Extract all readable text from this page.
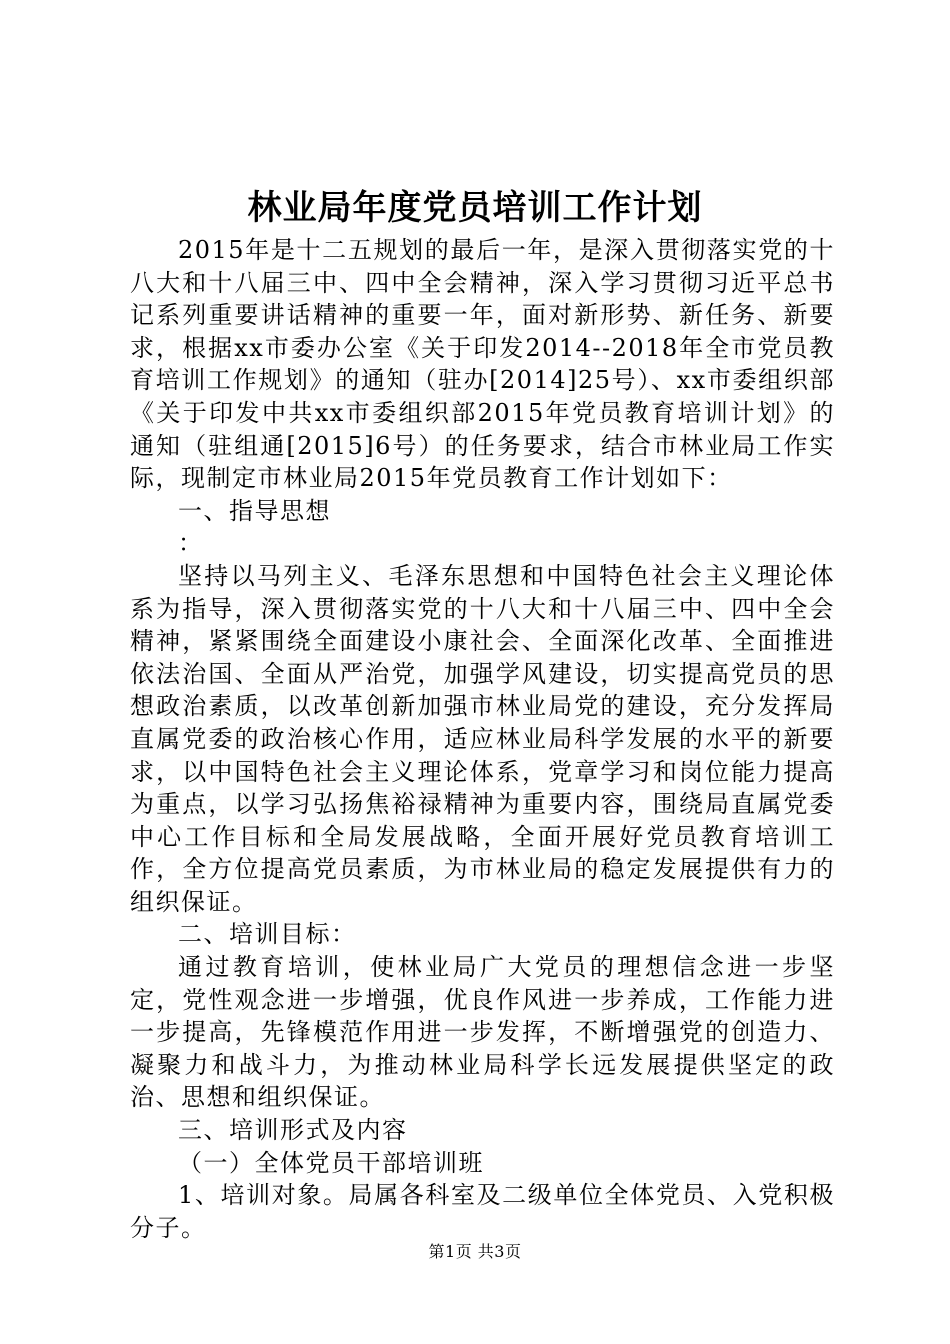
林业局年度党员培训工作计划

2015年是十二五规划的最后一年，是深入贯彻落实党的十八大和十八届三中、四中全会精神，深入学习贯彻习近平总书记系列重要讲话精神的重要一年，面对新形势、新任务、新要求，根据xx市委办公室《关于印发2014--2018年全市党员教育培训工作规划》的通知（驻办[2014]25号）、xx市委组织部《关于印发中共xx市委组织部2015年党员教育培训计划》的通知（驻组通[2015]6号）的任务要求，结合市林业局工作实际，现制定市林业局2015年党员教育工作计划如下：

一、指导思想

：

坚持以马列主义、毛泽东思想和中国特色社会主义理论体系为指导，深入贯彻落实党的十八大和十八届三中、四中全会精神，紧紧围绕全面建设小康社会、全面深化改革、全面推进依法治国、全面从严治党，加强学风建设，切实提高党员的思想政治素质，以改革创新加强市林业局党的建设，充分发挥局直属党委的政治核心作用，适应林业局科学发展的水平的新要求，以中国特色社会主义理论体系，党章学习和岗位能力提高为重点，以学习弘扬焦裕禄精神为重要内容，围绕局直属党委中心工作目标和全局发展战略，全面开展好党员教育培训工作，全方位提高党员素质，为市林业局的稳定发展提供有力的组织保证。

二、培训目标：

通过教育培训，使林业局广大党员的理想信念进一步坚定，党性观念进一步增强，优良作风进一步养成，工作能力进一步提高，先锋模范作用进一步发挥，不断增强党的创造力、凝聚力和战斗力，为推动林业局科学长远发展提供坚定的政治、思想和组织保证。

三、培训形式及内容

（一）全体党员干部培训班

1、培训对象。局属各科室及二级单位全体党员、入党积极分子。

第1页 共3页
